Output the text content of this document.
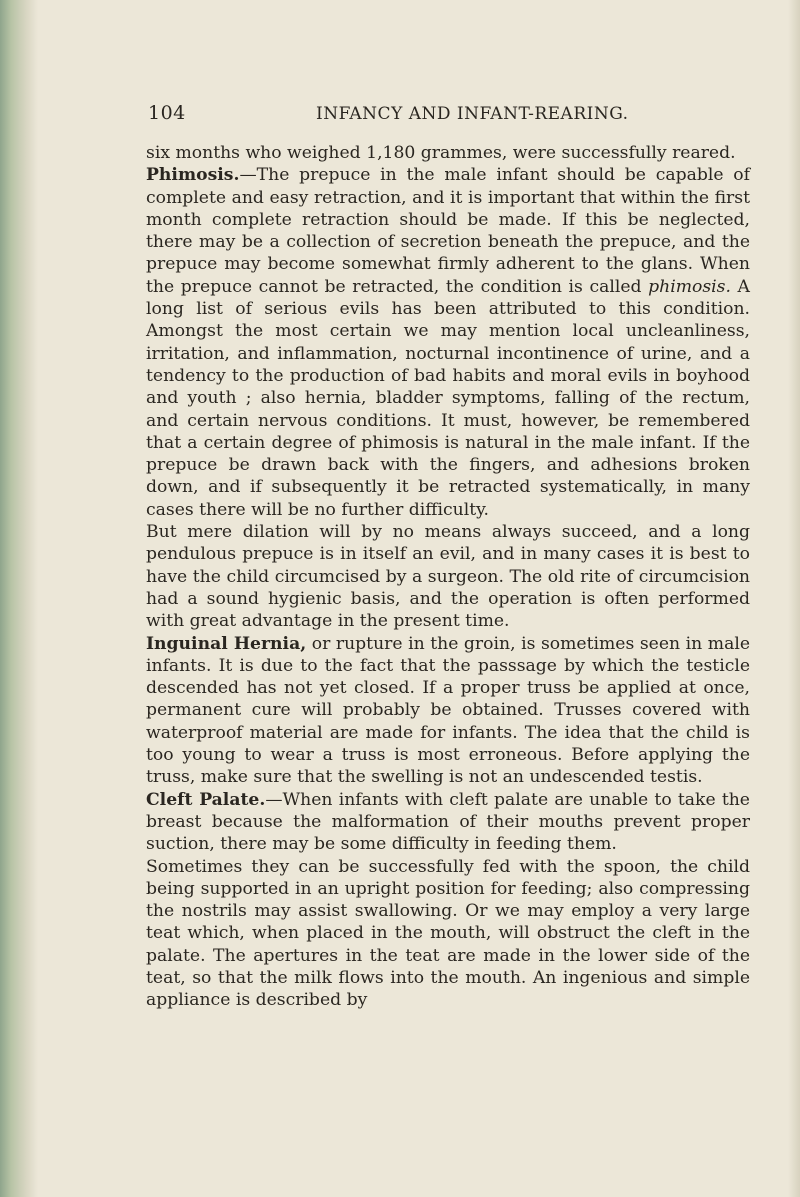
104	INFANCY AND INFANT-REARING.

six months who weighed 1,180 grammes, were successfully reared.

Phimosis.—The prepuce in the male infant should be capable of complete and easy retraction, and it is important that within the first month complete retraction should be made. If this be neglected, there may be a collection of secretion beneath the prepuce, and the prepuce may become somewhat firmly adherent to the glans. When the prepuce cannot be retracted, the condition is called phimosis. A long list of serious evils has been attributed to this condition. Amongst the most certain we may mention local uncleanliness, irritation, and inflammation, nocturnal incontinence of urine, and a tendency to the production of bad habits and moral evils in boyhood and youth ; also hernia, bladder symptoms, falling of the rectum, and certain nervous conditions. It must, however, be remembered that a certain degree of phimosis is natural in the male infant. If the prepuce be drawn back with the fingers, and adhesions broken down, and if subsequently it be retracted systematically, in many cases there will be no further difficulty.

But mere dilation will by no means always succeed, and a long pendulous prepuce is in itself an evil, and in many cases it is best to have the child circumcised by a surgeon. The old rite of circumcision had a sound hygienic basis, and the operation is often performed with great advantage in the present time.

Inguinal Hernia, or rupture in the groin, is sometimes seen in male infants. It is due to the fact that the passsage by which the testicle descended has not yet closed. If a proper truss be applied at once, permanent cure will probably be obtained. Trusses covered with waterproof material are made for infants. The idea that the child is too young to wear a truss is most erroneous. Before applying the truss, make sure that the swelling is not an undescended testis.

Cleft Palate.—When infants with cleft palate are unable to take the breast because the malformation of their mouths prevent proper suction, there may be some difficulty in feeding them.

Sometimes they can be successfully fed with the spoon, the child being supported in an upright position for feeding; also compressing the nostrils may assist swallowing. Or we may employ a very large teat which, when placed in the mouth, will obstruct the cleft in the palate. The apertures in the teat are made in the lower side of the teat, so that the milk flows into the mouth. An ingenious and simple appliance is described by
